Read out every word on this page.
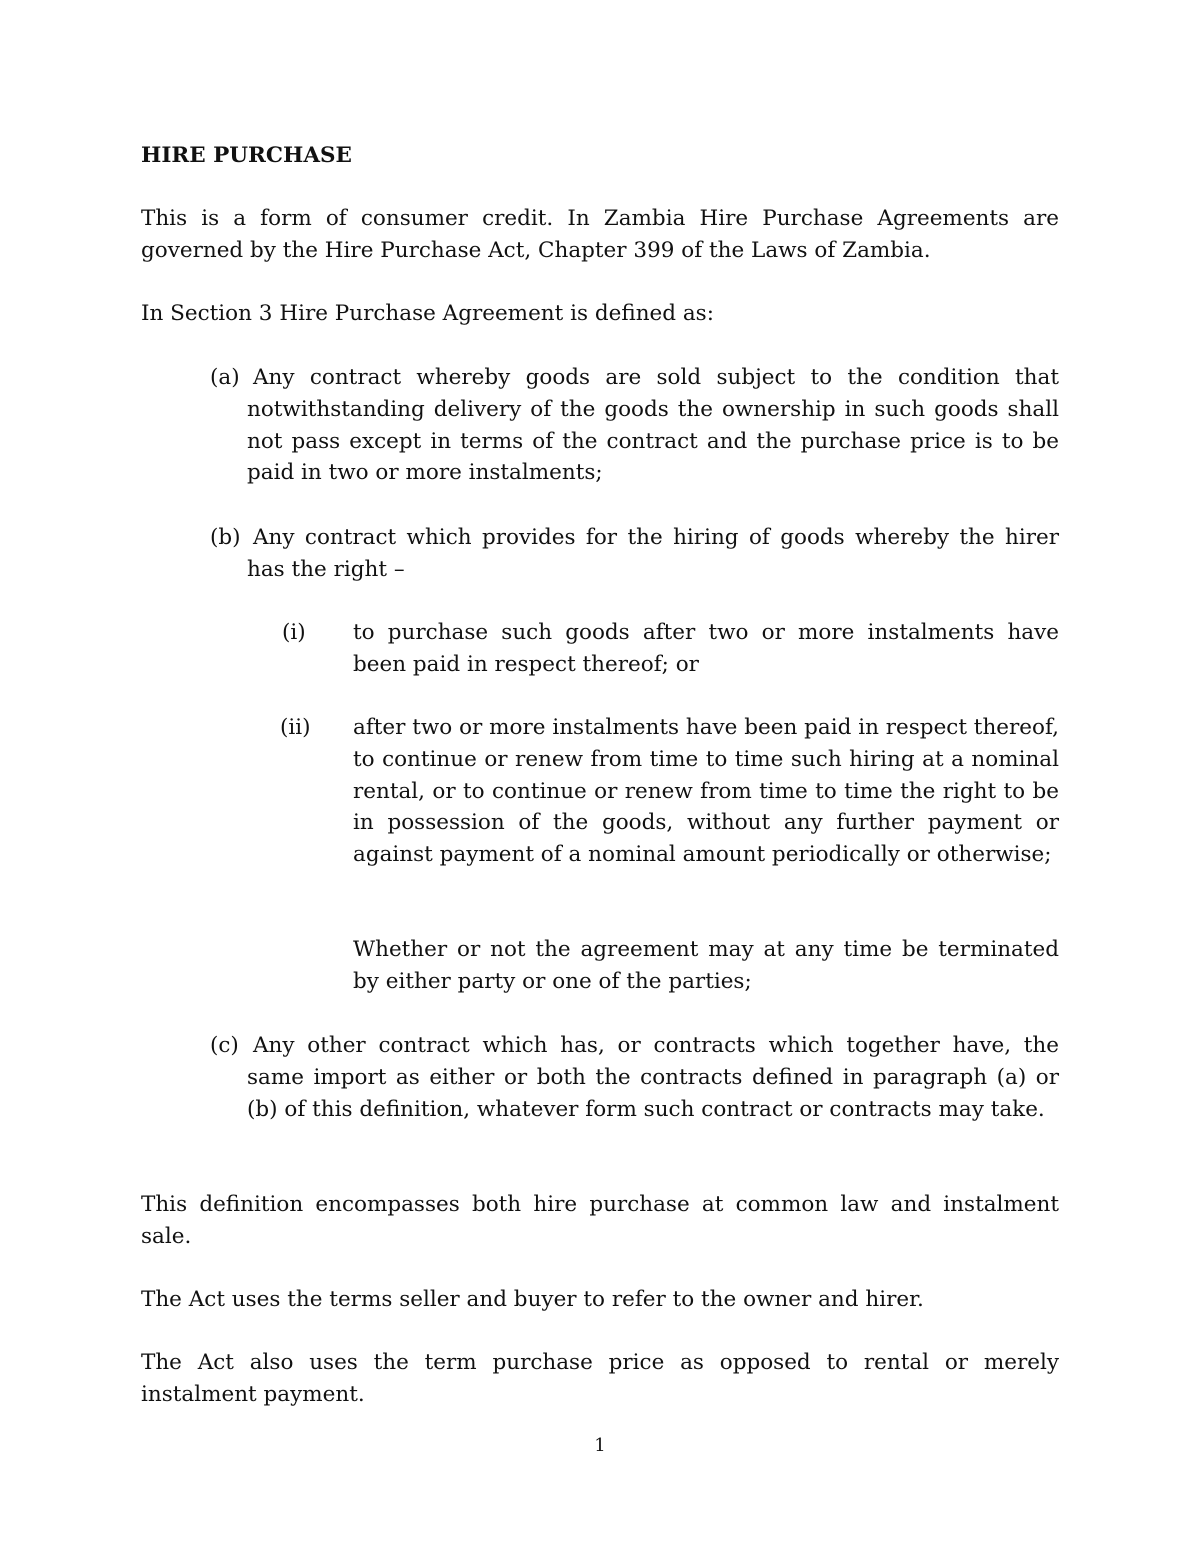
HIRE PURCHASE

This is a form of consumer credit. In Zambia Hire Purchase Agreements are governed by the Hire Purchase Act, Chapter 399 of the Laws of Zambia.

In Section 3 Hire Purchase Agreement is defined as:

(a) Any contract whereby goods are sold subject to the condition that notwithstanding delivery of the goods the ownership in such goods shall not pass except in terms of the contract and the purchase price is to be paid in two or more instalments;

(b) Any contract which provides for the hiring of goods whereby the hirer has the right –

(i) to purchase such goods after two or more instalments have been paid in respect thereof; or

(ii) after two or more instalments have been paid in respect thereof, to continue or renew from time to time such hiring at a nominal rental, or to continue or renew from time to time the right to be in possession of the goods, without any further payment or against payment of a nominal amount periodically or otherwise;

Whether or not the agreement may at any time be terminated by either party or one of the parties;

(c) Any other contract which has, or contracts which together have, the same import as either or both the contracts defined in paragraph (a) or (b) of this definition, whatever form such contract or contracts may take.

This definition encompasses both hire purchase at common law and instalment sale.

The Act uses the terms seller and buyer to refer to the owner and hirer.

The Act also uses the term purchase price as opposed to rental or merely instalment payment.

1
